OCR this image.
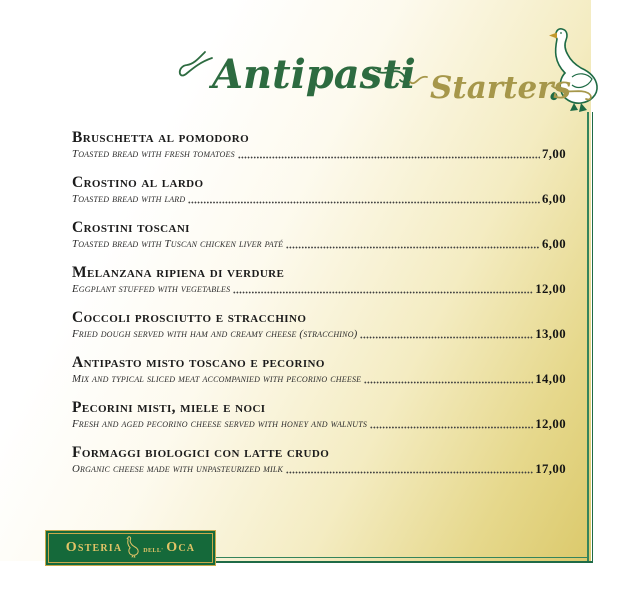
Antipasti Starters
Bruschetta al pomodoro
Toasted bread with fresh tomatoes	7,00
Crostino al lardo
Toasted bread with lard	6,00
Crostini toscani
Toasted bread with Tuscan chicken liver paté	6,00
Melanzana ripiena di verdure
Eggplant stuffed with vegetables	12,00
Coccoli prosciutto e stracchino
Fried dough served with ham and creamy cheese (stracchino)	13,00
Antipasto misto toscano e pecorino
Mix and typical sliced meat accompanied with pecorino cheese	14,00
Pecorini misti, miele e noci
Fresh and aged pecorino cheese served with honey and walnuts	12,00
Formaggi biologici con latte crudo
Organic cheese made with unpasteurized milk	17,00
Osteria	DELL' Oca
